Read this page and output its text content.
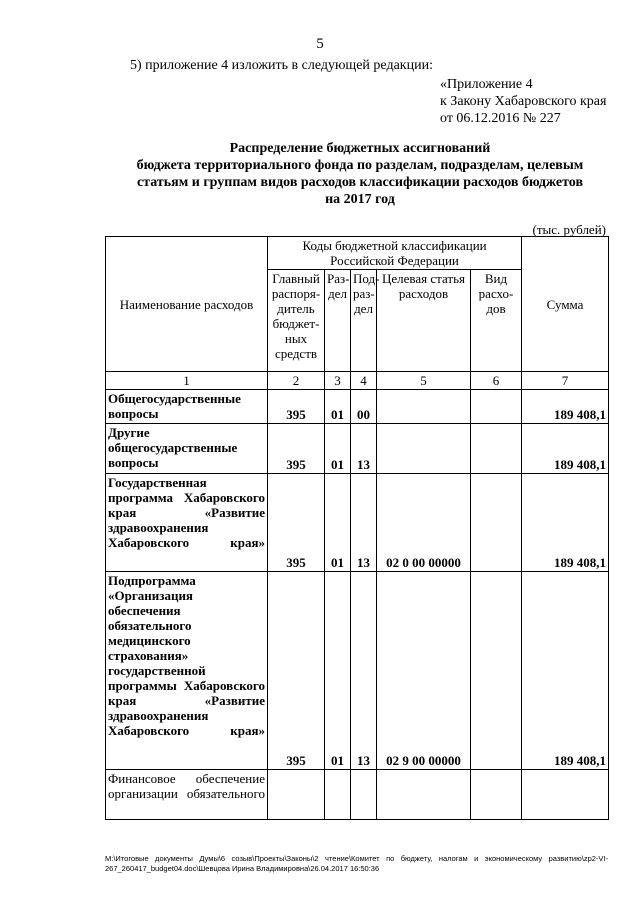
5
5) приложение 4 изложить в следующей редакции:
«Приложение 4
к Закону Хабаровского края
от 06.12.2016 № 227
Распределение бюджетных ассигнований
бюджета территориального фонда по разделам, подразделам, целевым
статьям и группам видов расходов классификации расходов бюджетов
на 2017 год
(тыс. рублей)
Наименование расходов	Коды бюджетной классификации Российской Федерации					Сумма
	Главный распоря-дитель бюджет-ных средств	Раз-дел	Под-раз-дел	Целевая статья расходов	Вид расхо-дов	
1	2	3	4	5	6	7
Общегосударственные вопросы	395	01	00			189 408,1
Другие общегосударственные вопросы	395	01	13			189 408,1
Государственная программа Хабаровского края «Развитие здравоохранения Хабаровского края»	395	01	13	02 0 00 00000		189 408,1
Подпрограмма «Организация обеспечения обязательного медицинского страхования» государственной программы Хабаровского края «Развитие здравоохранения Хабаровского края»	395	01	13	02 9 00 00000		189 408,1
Финансовое обеспечение организации обязательного						
M:\Итоговые документы Думы\6 созыв\Проекты\Законы\2 чтение\Комитет по бюджету, налогам и экономическому развитию\zp2-VI-267_260417_budget04.doc\Шевцова Ирина Владимировна\26.04.2017 16:50:36
